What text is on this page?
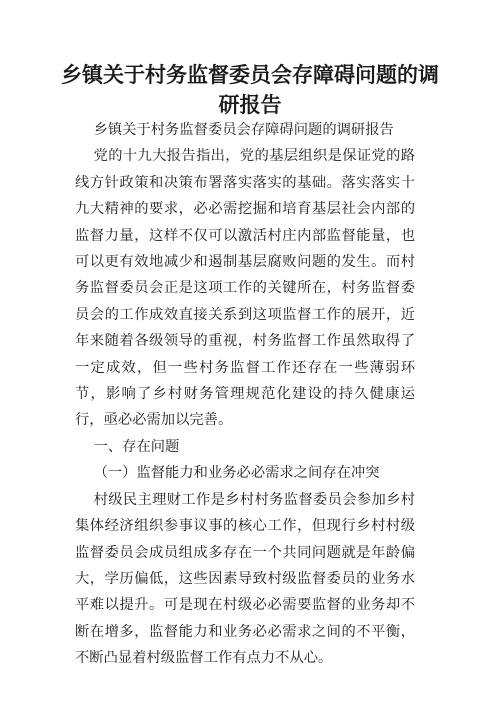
乡镇关于村务监督委员会存障碍问题的调研报告

乡镇关于村务监督委员会存障碍问题的调研报告

党的十九大报告指出，党的基层组织是保证党的路线方针政策和决策布署落实落实的基础。落实落实十九大精神的要求，必必需挖掘和培育基层社会内部的监督力量，这样不仅可以激活村庄内部监督能量，也可以更有效地减少和遏制基层腐败问题的发生。而村务监督委员会正是这项工作的关键所在，村务监督委员会的工作成效直接关系到这项监督工作的展开，近年来随着各级领导的重视，村务监督工作虽然取得了一定成效，但一些村务监督工作还存在一些薄弱环节，影响了乡村财务管理规范化建设的持久健康运行，亟必必需加以完善。

一、存在问题

（一）监督能力和业务必必需求之间存在冲突

村级民主理财工作是乡村村务监督委员会参加乡村集体经济组织参事议事的核心工作，但现行乡村村级监督委员会成员组成多存在一个共同问题就是年龄偏大，学历偏低，这些因素导致村级监督委员的业务水平难以提升。可是现在村级必必需要监督的业务却不断在增多，监督能力和业务必必需求之间的不平衡，不断凸显着村级监督工作有点力不从心。
